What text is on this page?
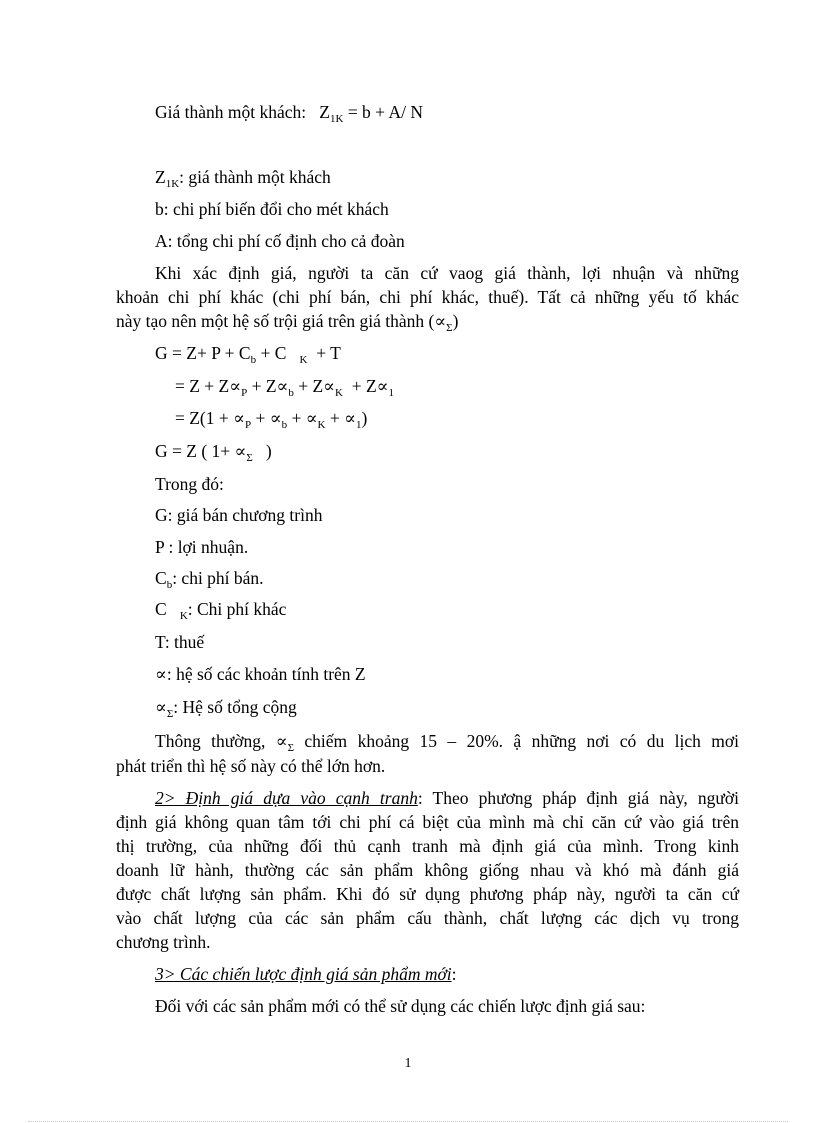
Giá thành một khách: $Z_{1K} = b + A/$ N
$Z_{1K}$: giá thành một khách
b: chi phí biến đổi cho mét khách
A: tổng chi phí cố định cho cả đoàn
Khi xác định giá, người ta căn cứ vaog giá thành, lợi nhuận và những
khoản chi phí khác (chi phí bán, chi phí khác, thuế). Tất cả những yếu tố khác
này tạo nên một hệ số trội giá trên giá thành $(\propto_\Sigma)$
$G = Z+ P + C_b + C$ $_K$  + T
= $Z + Z\propto_P + Z\propto_b + Z\propto_K + Z\propto_1$
= $Z(1 + \propto_P + \propto_b + \propto_K + \propto_1)$
G = Z ( $1+ \propto_\Sigma$   )
Trong đó:
G: giá bán chương trình
P : lợi nhuận.
$C_b$: chi phí bán.
C $_K$: Chi phí khác
T: thuế
∝: hệ số các khoản tính trên Z
$\propto_\Sigma$: Hệ số tổng cộng
Thông thường, $\propto_\Sigma$ chiếm khoảng 15 – 20%. ậ những nơi có du lịch mơi
phát triển thì hệ số này có thể lớn hơn.
2> Định giá dựa vào cạnh tranh: Theo phương pháp định giá này, người
định giá không quan tâm tới chi phí cá biệt của mình mà chỉ căn cứ vào giá trên
thị trường, của những đối thủ cạnh tranh mà định giá của mình. Trong kinh
doanh lữ hành, thường các sản phẩm không giống nhau và khó mà đánh giá
được chất lượng sản phẩm. Khi đó sử dụng phương pháp này, người ta căn cứ
vào chất lượng của các sản phẩm cấu thành, chất lượng các dịch vụ trong
chương trình.
3> Các chiến lược định giá sản phẩm mới:
Đối với các sản phẩm mới có thể sử dụng các chiến lược định giá sau:
1
